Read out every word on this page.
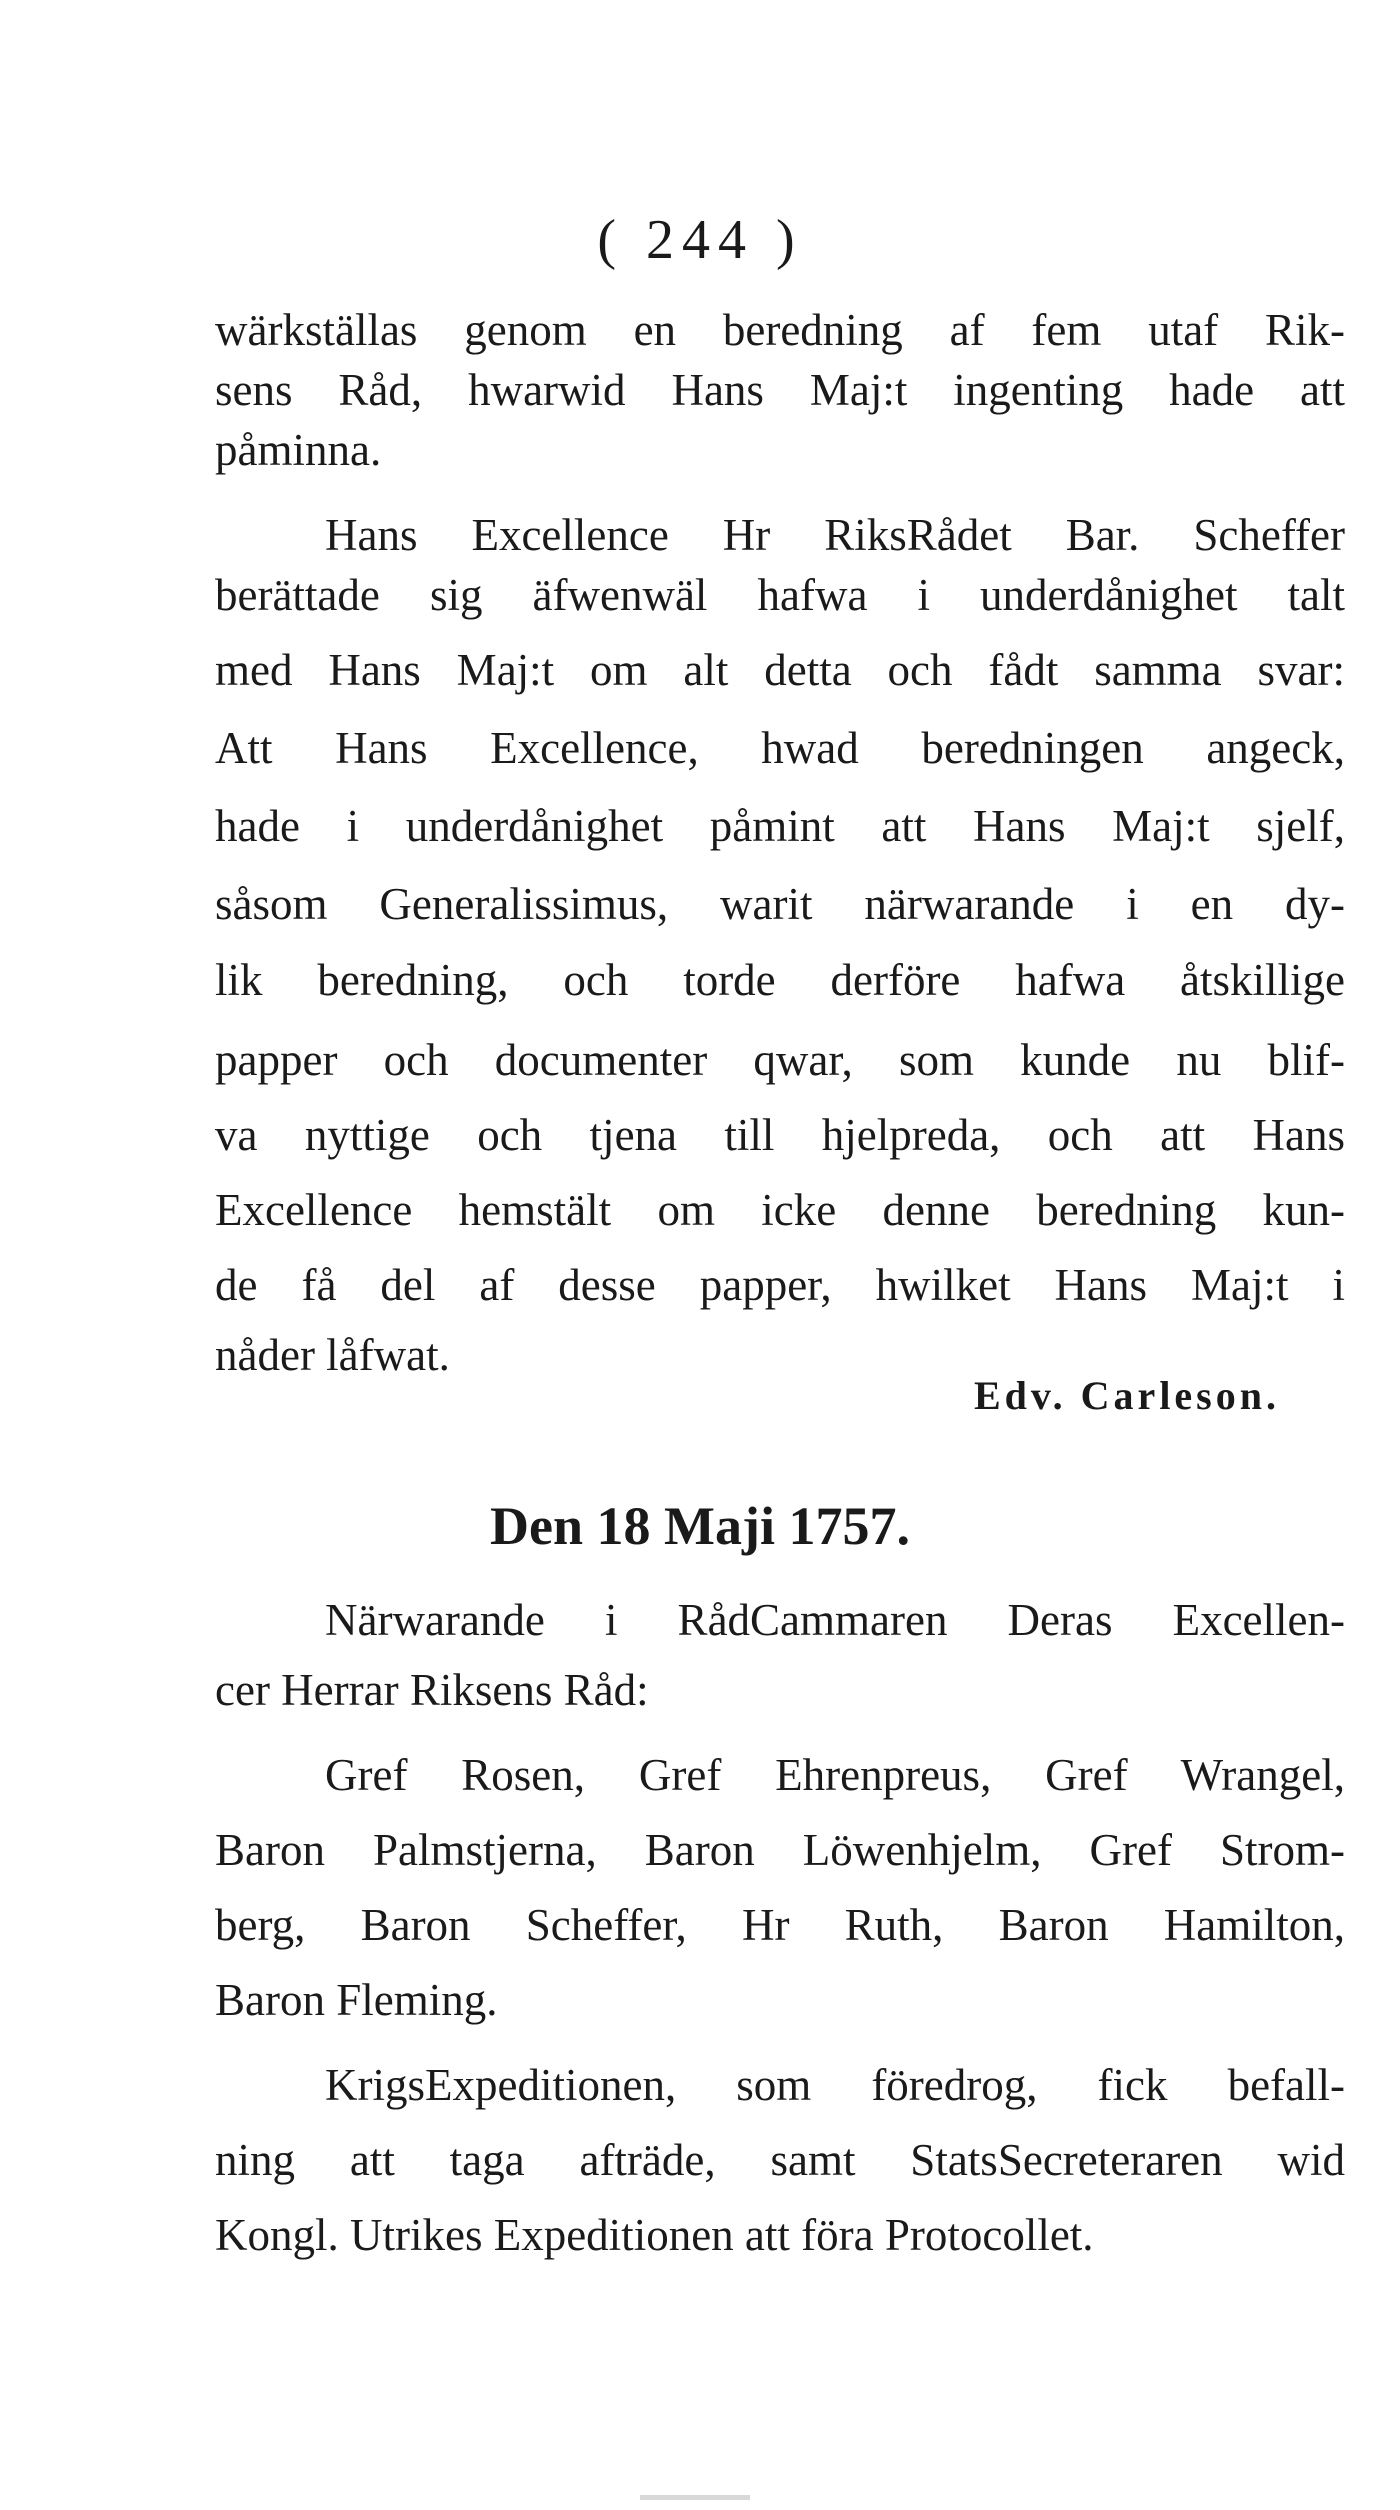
( 244 )
wärkställas genom en beredning af fem utaf Rik-
sens Råd, hwarwid Hans Maj:t ingenting hade att
påminna.
Hans Excellence Hr RiksRådet Bar. Scheffer
berättade sig äfwenwäl hafwa i underdånighet talt
med Hans Maj:t om alt detta och fådt samma svar:
Att Hans Excellence, hwad beredningen angeck,
hade i underdånighet påmint att Hans Maj:t sjelf,
såsom Generalissimus, warit närwarande i en dy-
lik beredning, och torde derföre hafwa åtskillige
papper och documenter qwar, som kunde nu blif-
va nyttige och tjena till hjelpreda, och att Hans
Excellence hemstält om icke denne beredning kun-
de få del af desse papper, hwilket Hans Maj:t i
nåder låfwat.
Edv. Carleson.
Den 18 Maji 1757.
Närwarande i RådCammaren Deras Excellen-
cer Herrar Riksens Råd:
Gref Rosen, Gref Ehrenpreus, Gref Wrangel,
Baron Palmstjerna, Baron Löwenhjelm, Gref Strom-
berg, Baron Scheffer, Hr Ruth, Baron Hamilton,
Baron Fleming.
KrigsExpeditionen, som föredrog, fick befall-
ning att taga afträde, samt StatsSecreteraren wid
Kongl. Utrikes Expeditionen att föra Protocollet.
